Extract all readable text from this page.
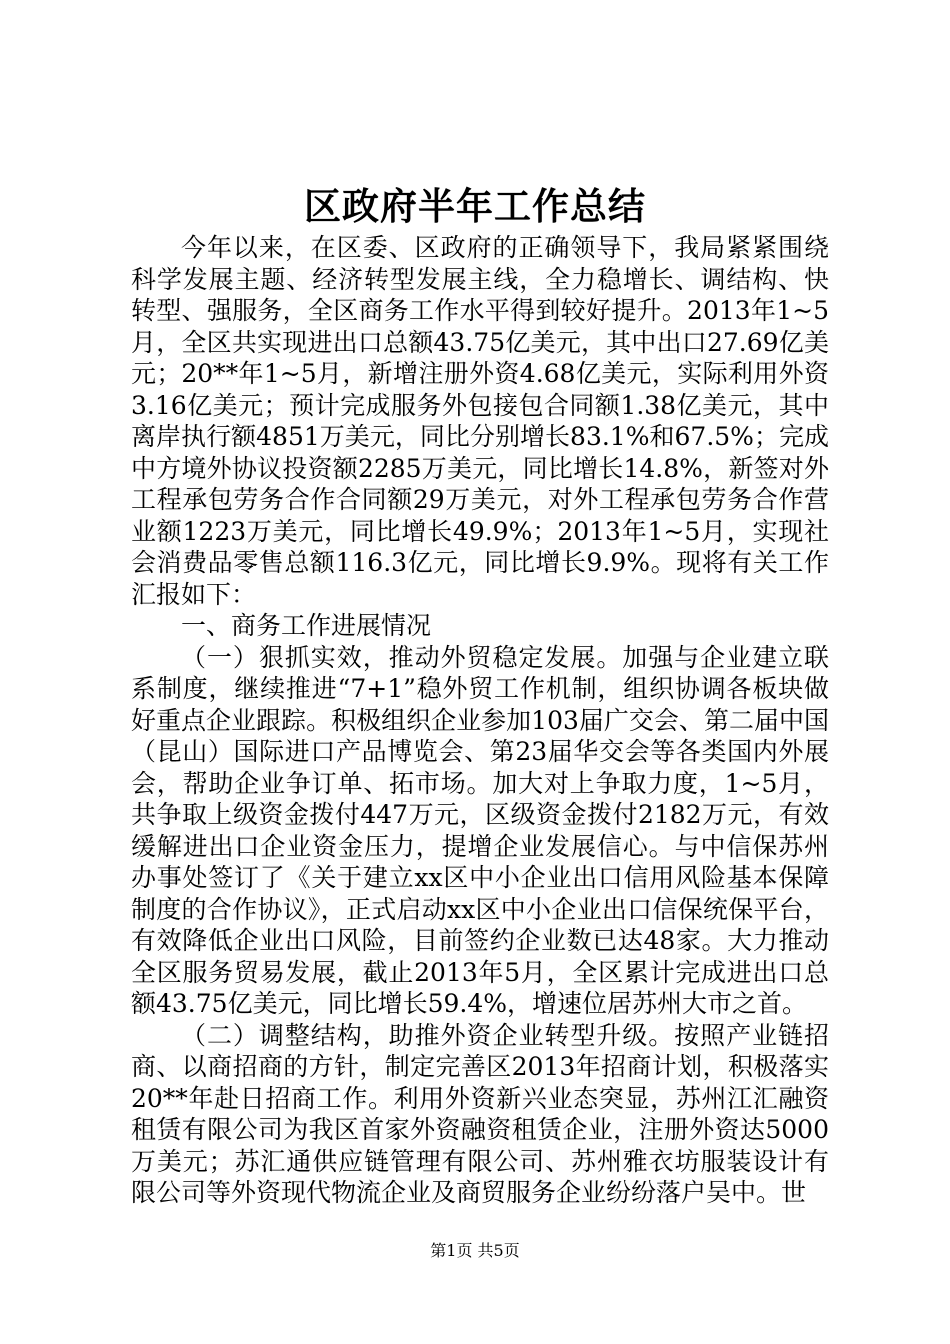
区政府半年工作总结

今年以来，在区委、区政府的正确领导下，我局紧紧围绕科学发展主题、经济转型发展主线，全力稳增长、调结构、快转型、强服务，全区商务工作水平得到较好提升。2013年1~5月，全区共实现进出口总额43.75亿美元，其中出口27.69亿美元；20**年1~5月，新增注册外资4.68亿美元，实际利用外资3.16亿美元；预计完成服务外包接包合同额1.38亿美元，其中离岸执行额4851万美元，同比分别增长83.1%和67.5%；完成中方境外协议投资额2285万美元，同比增长14.8%，新签对外工程承包劳务合作合同额29万美元，对外工程承包劳务合作营业额1223万美元，同比增长49.9%；2013年1~5月，实现社会消费品零售总额116.3亿元，同比增长9.9%。现将有关工作汇报如下：

一、商务工作进展情况

（一）狠抓实效，推动外贸稳定发展。加强与企业建立联系制度，继续推进“7+1”稳外贸工作机制，组织协调各板块做好重点企业跟踪。积极组织企业参加103届广交会、第二届中国（昆山）国际进口产品博览会、第23届华交会等各类国内外展会，帮助企业争订单、拓市场。加大对上争取力度，1~5月，共争取上级资金拨付447万元，区级资金拨付2182万元，有效缓解进出口企业资金压力，提增企业发展信心。与中信保苏州办事处签订了《关于建立xx区中小企业出口信用风险基本保障制度的合作协议》，正式启动xx区中小企业出口信保统保平台，有效降低企业出口风险，目前签约企业数已达48家。大力推动全区服务贸易发展，截止2013年5月，全区累计完成进出口总额43.75亿美元，同比增长59.4%，增速位居苏州大市之首。

（二）调整结构，助推外资企业转型升级。按照产业链招商、以商招商的方针，制定完善区2013年招商计划，积极落实20**年赴日招商工作。利用外资新兴业态突显，苏州江汇融资租赁有限公司为我区首家外资融资租赁企业，注册外资达5000万美元；苏汇通供应链管理有限公司、苏州雅衣坊服装设计有限公司等外资现代物流企业及商贸服务企业纷纷落户吴中。世

第1页 共5页
